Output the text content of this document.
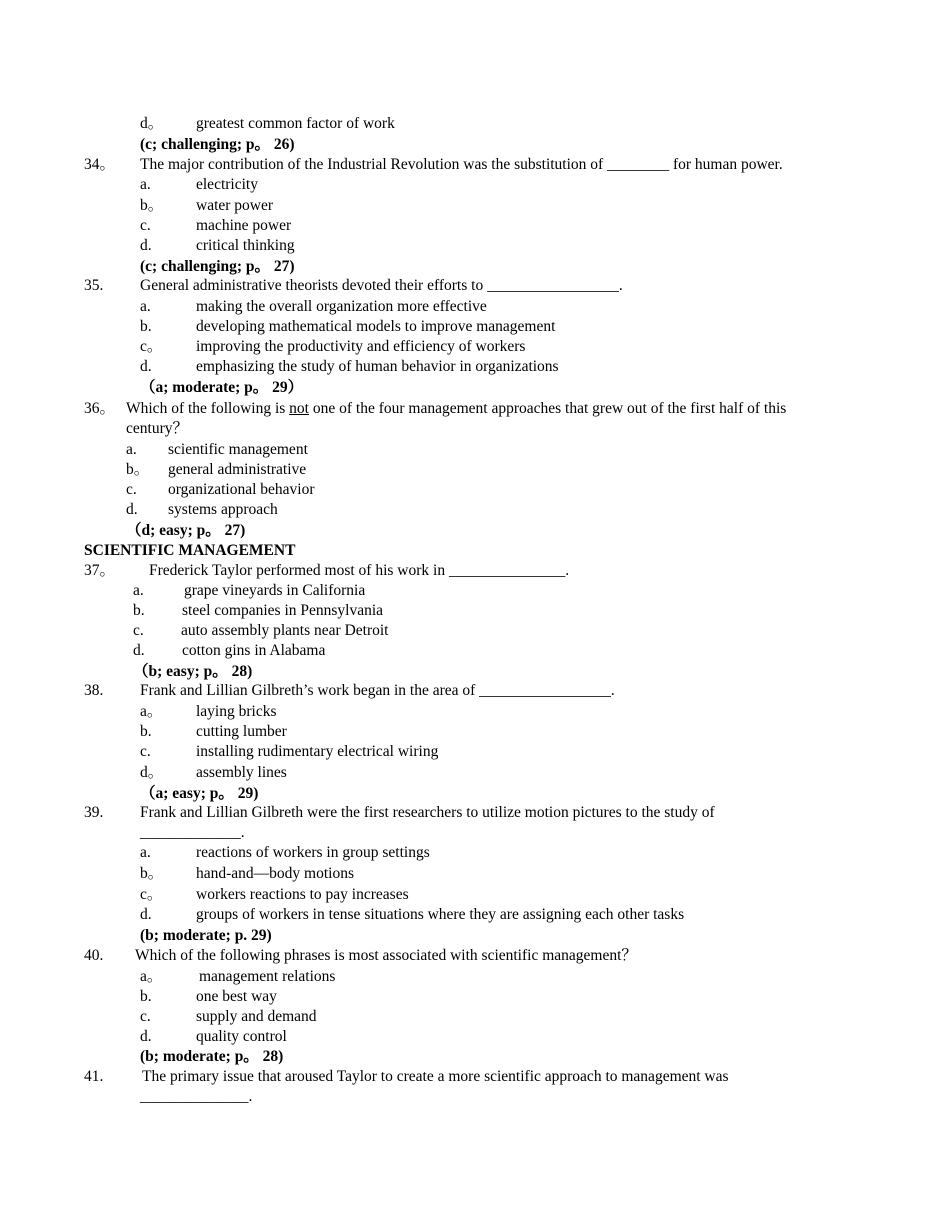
d。 greatest common factor of work
(c; challenging; p。 26)
34。 The major contribution of the Industrial Revolution was the substitution of ________ for human power.
a.	electricity
b。 water power
c.	machine power
d.	critical thinking
(c; challenging; p。 27)
35. General administrative theorists devoted their efforts to _________________.
a.	making the overall organization more effective
b.	developing mathematical models to improve management
c。 improving the productivity and efficiency of workers
d.	emphasizing the study of human behavior in organizations
（a; moderate; p。 29）
36。 Which of the following is not one of the four management approaches that grew out of the first half of this
century？
a. scientific management
b。 general administrative
c. organizational behavior
d. systems approach
（d; easy; p。 27)
SCIENTIFIC MANAGEMENT
37。 Frederick Taylor performed most of his work in _______________.
a.	grape vineyards in California
b. steel companies in Pennsylvania
c. auto assembly plants near Detroit
d. cotton gins in Alabama
（b; easy; p。 28)
38. Frank and Lillian Gilbreth’s work began in the area of _________________.
a。 laying bricks
b.	cutting lumber
c.	installing rudimentary electrical wiring
d。 assembly lines
（a; easy; p。 29)
39. Frank and Lillian Gilbreth were the first researchers to utilize motion pictures to the study of
_____________.
a.	reactions of workers in group settings
b。 hand-and—body motions
c。 workers reactions to pay increases
d.	groups of workers in tense situations where they are assigning each other tasks
(b; moderate; p. 29)
40. Which of the following phrases is most associated with scientific management？
a。 management relations
b.	one best way
c.	supply and demand
d.	quality control
(b; moderate; p。 28)
41. The primary issue that aroused Taylor to create a more scientific approach to management was
______________.
